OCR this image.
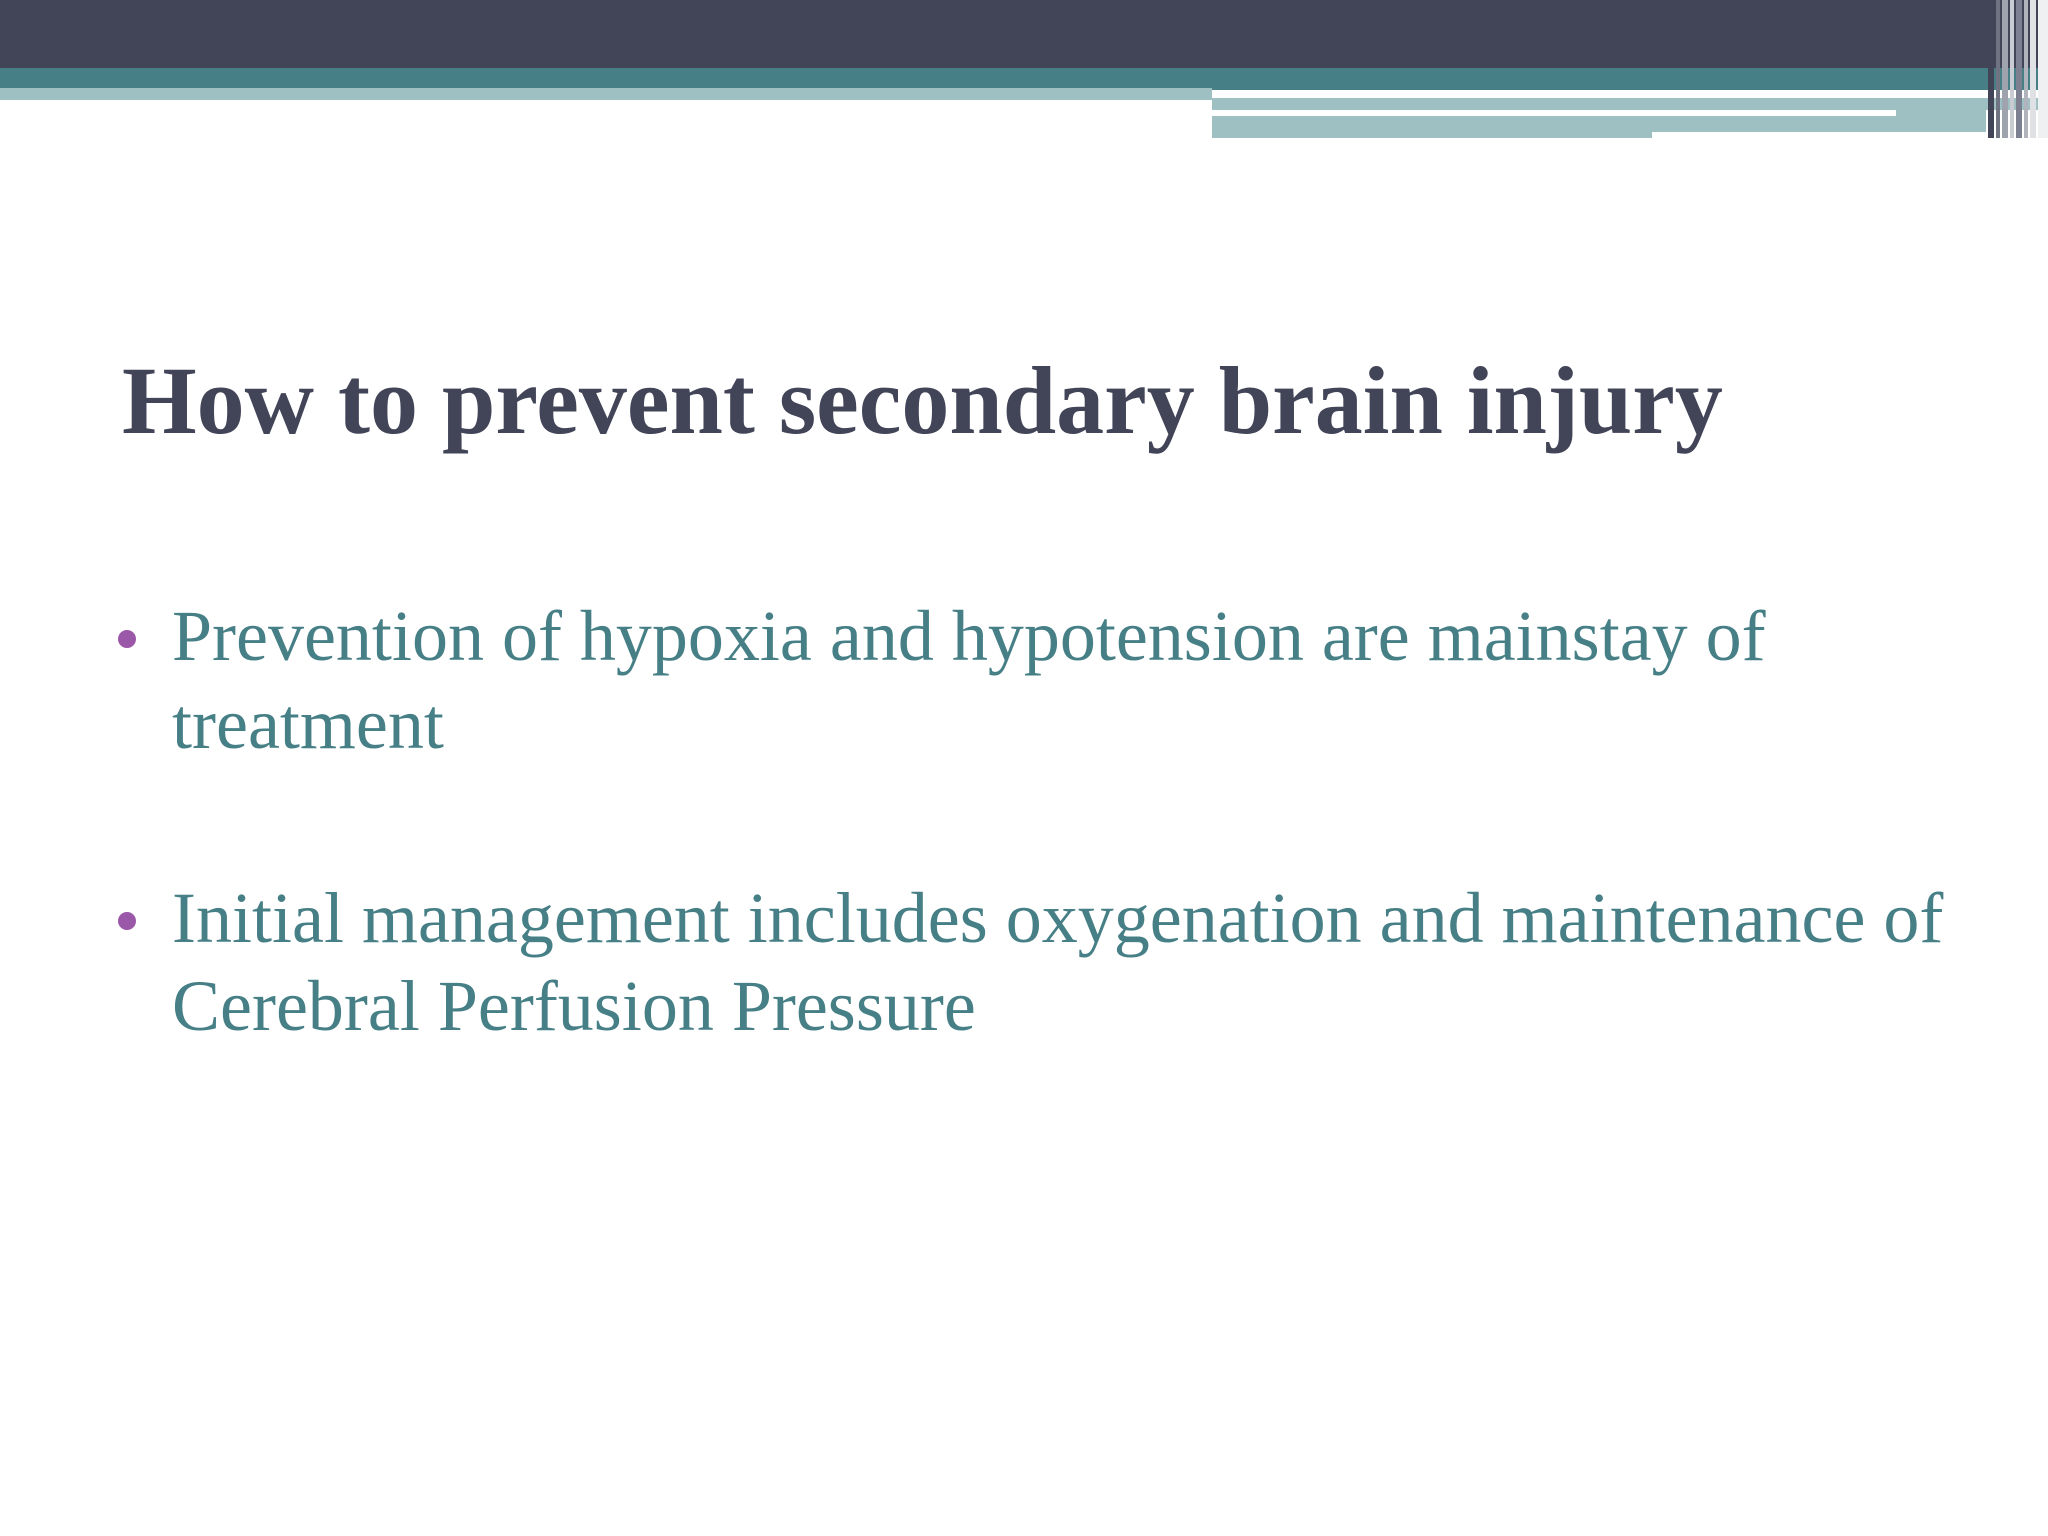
How to prevent secondary brain injury
Prevention of hypoxia and hypotension are mainstay of treatment
Initial management includes oxygenation and maintenance of Cerebral Perfusion Pressure
